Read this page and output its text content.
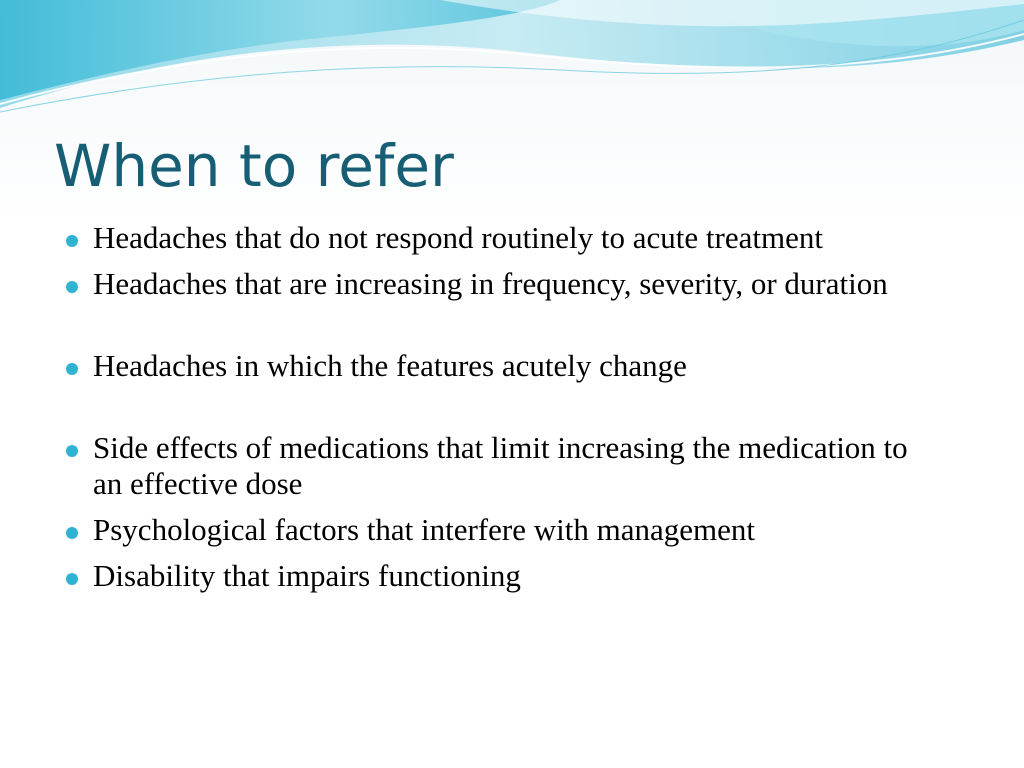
When to refer
Headaches that do not respond routinely to acute treatment
Headaches that are increasing in frequency, severity, or duration
Headaches in which the features acutely change
Side effects of medications that limit increasing the medication to an effective dose
Psychological factors that interfere with management
Disability that impairs functioning
